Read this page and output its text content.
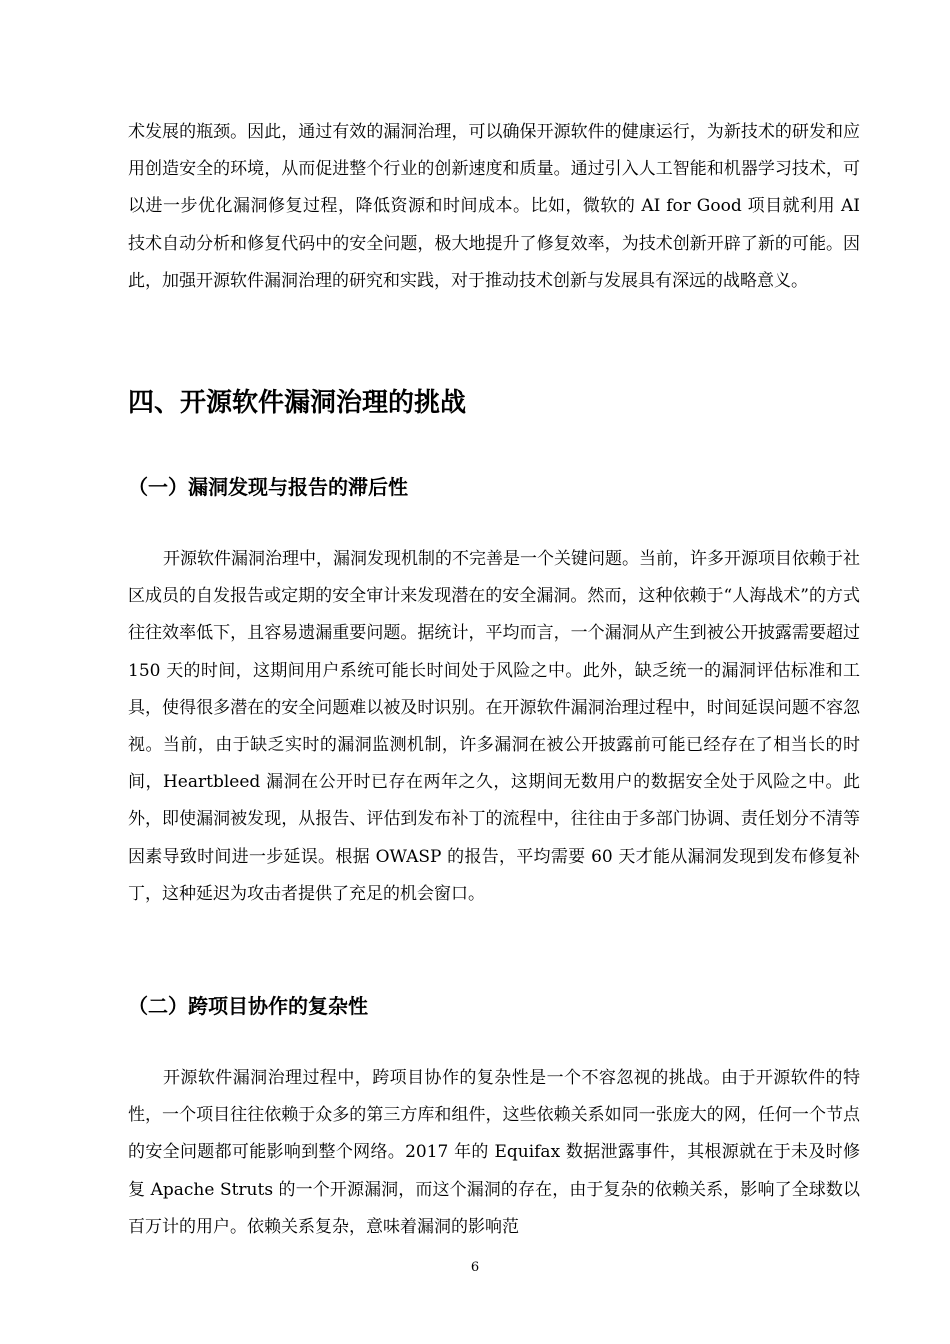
术发展的瓶颈。因此，通过有效的漏洞治理，可以确保开源软件的健康运行，为新技术的研发和应用创造安全的环境，从而促进整个行业的创新速度和质量。通过引入人工智能和机器学习技术，可以进一步优化漏洞修复过程，降低资源和时间成本。比如，微软的 AI for Good 项目就利用 AI 技术自动分析和修复代码中的安全问题，极大地提升了修复效率，为技术创新开辟了新的可能。因此，加强开源软件漏洞治理的研究和实践，对于推动技术创新与发展具有深远的战略意义。

四、开源软件漏洞治理的挑战
（一）漏洞发现与报告的滞后性

开源软件漏洞治理中，漏洞发现机制的不完善是一个关键问题。当前，许多开源项目依赖于社区成员的自发报告或定期的安全审计来发现潜在的安全漏洞。然而，这种依赖于“人海战术”的方式往往效率低下，且容易遗漏重要问题。据统计，平均而言，一个漏洞从产生到被公开披露需要超过 150 天的时间，这期间用户系统可能长时间处于风险之中。此外，缺乏统一的漏洞评估标准和工具，使得很多潜在的安全问题难以被及时识别。在开源软件漏洞治理过程中，时间延误问题不容忽视。当前，由于缺乏实时的漏洞监测机制，许多漏洞在被公开披露前可能已经存在了相当长的时间，Heartbleed 漏洞在公开时已存在两年之久，这期间无数用户的数据安全处于风险之中。此外，即使漏洞被发现，从报告、评估到发布补丁的流程中，往往由于多部门协调、责任划分不清等因素导致时间进一步延误。根据 OWASP 的报告，平均需要 60 天才能从漏洞发现到发布修复补丁，这种延迟为攻击者提供了充足的机会窗口。

（二）跨项目协作的复杂性

开源软件漏洞治理过程中，跨项目协作的复杂性是一个不容忽视的挑战。由于开源软件的特性，一个项目往往依赖于众多的第三方库和组件，这些依赖关系如同一张庞大的网，任何一个节点的安全问题都可能影响到整个网络。2017 年的 Equifax 数据泄露事件，其根源就在于未及时修复 Apache Struts 的一个开源漏洞，而这个漏洞的存在，由于复杂的依赖关系，影响了全球数以百万计的用户。依赖关系复杂，意味着漏洞的影响范

6
